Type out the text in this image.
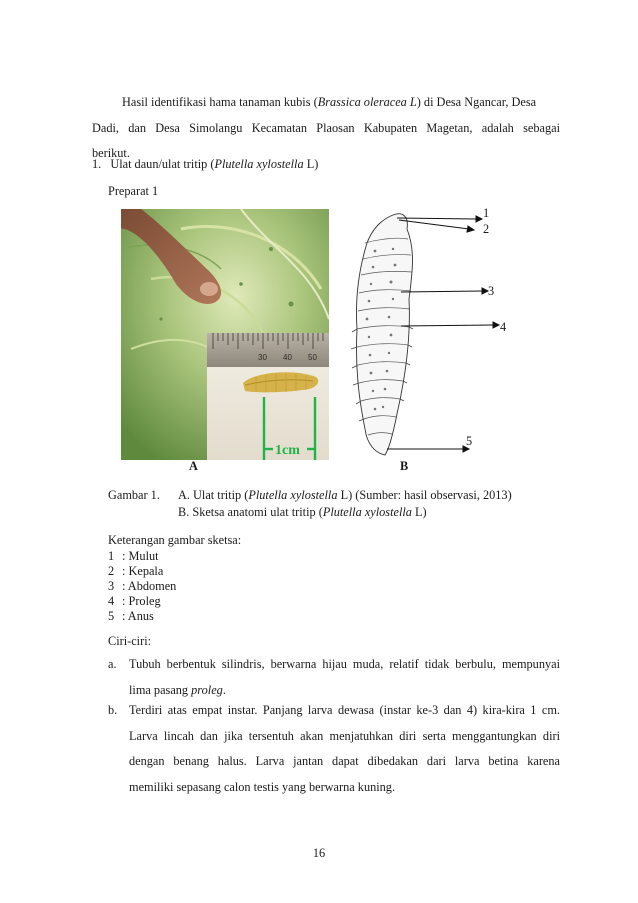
Hasil identifikasi hama tanaman kubis (Brassica oleracea L) di Desa Ngancar, Desa
Dadi, dan Desa Simolangu Kecamatan Plaosan Kabupaten Magetan, adalah sebagai
berikut.
1. Ulat daun/ulat tritip (Plutella xylostella L)
Preparat 1
30 40 50
1cm
1
2
3
4
5
A	B
Gambar 1. A. Ulat tritip (Plutella xylostella L) (Sumber: hasil observasi, 2013)
B. Sketsa anatomi ulat tritip (Plutella xylostella L)
Keterangan gambar sketsa:
1 : Mulut
2 : Kepala
3 : Abdomen
4 : Proleg
5 : Anus
Ciri-ciri:
a. Tubuh berbentuk silindris, berwarna hijau muda, relatif tidak berbulu, mempunyai
lima pasang proleg.
b. Terdiri atas empat instar. Panjang larva dewasa (instar ke-3 dan 4) kira-kira 1 cm.
Larva lincah dan jika tersentuh akan menjatuhkan diri serta menggantungkan diri
dengan benang halus. Larva jantan dapat dibedakan dari larva betina karena
memiliki sepasang calon testis yang berwarna kuning.
16
